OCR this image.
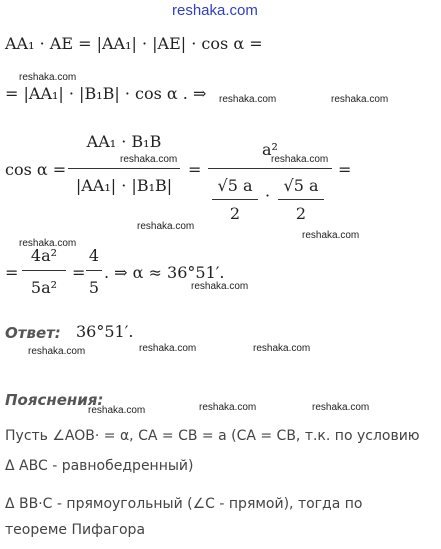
reshaka.com
AA₁ · AE = |AA₁| · |AE| · cos α =
reshaka.com
= |AA₁| · |B₁B| · cos α . ⇒ reshaka.com	reshaka.com
cos α =
AA₁ · B₁B
|AA₁| · |B₁B|
reshaka.com
=
a²
reshaka.com
√5 a
2
·
√5 a
2
=
reshaka.com
reshaka.com
reshaka.com
=
4a²
5a²
=
4
5
. ⇒ α ≈ 36°51′.
reshaka.com
Ответ: 36°51′.
reshaka.com	reshaka.com	reshaka.com
Пояснения:
reshaka.com	reshaka.com	reshaka.com
Пусть ∠AOB· = α, CA = CB = a (CA = CB, т.к. по условию
Δ ABC - равнобедренный)
Δ BB·C - прямоугольный (∠C - прямой), тогда по
теореме Пифагора
